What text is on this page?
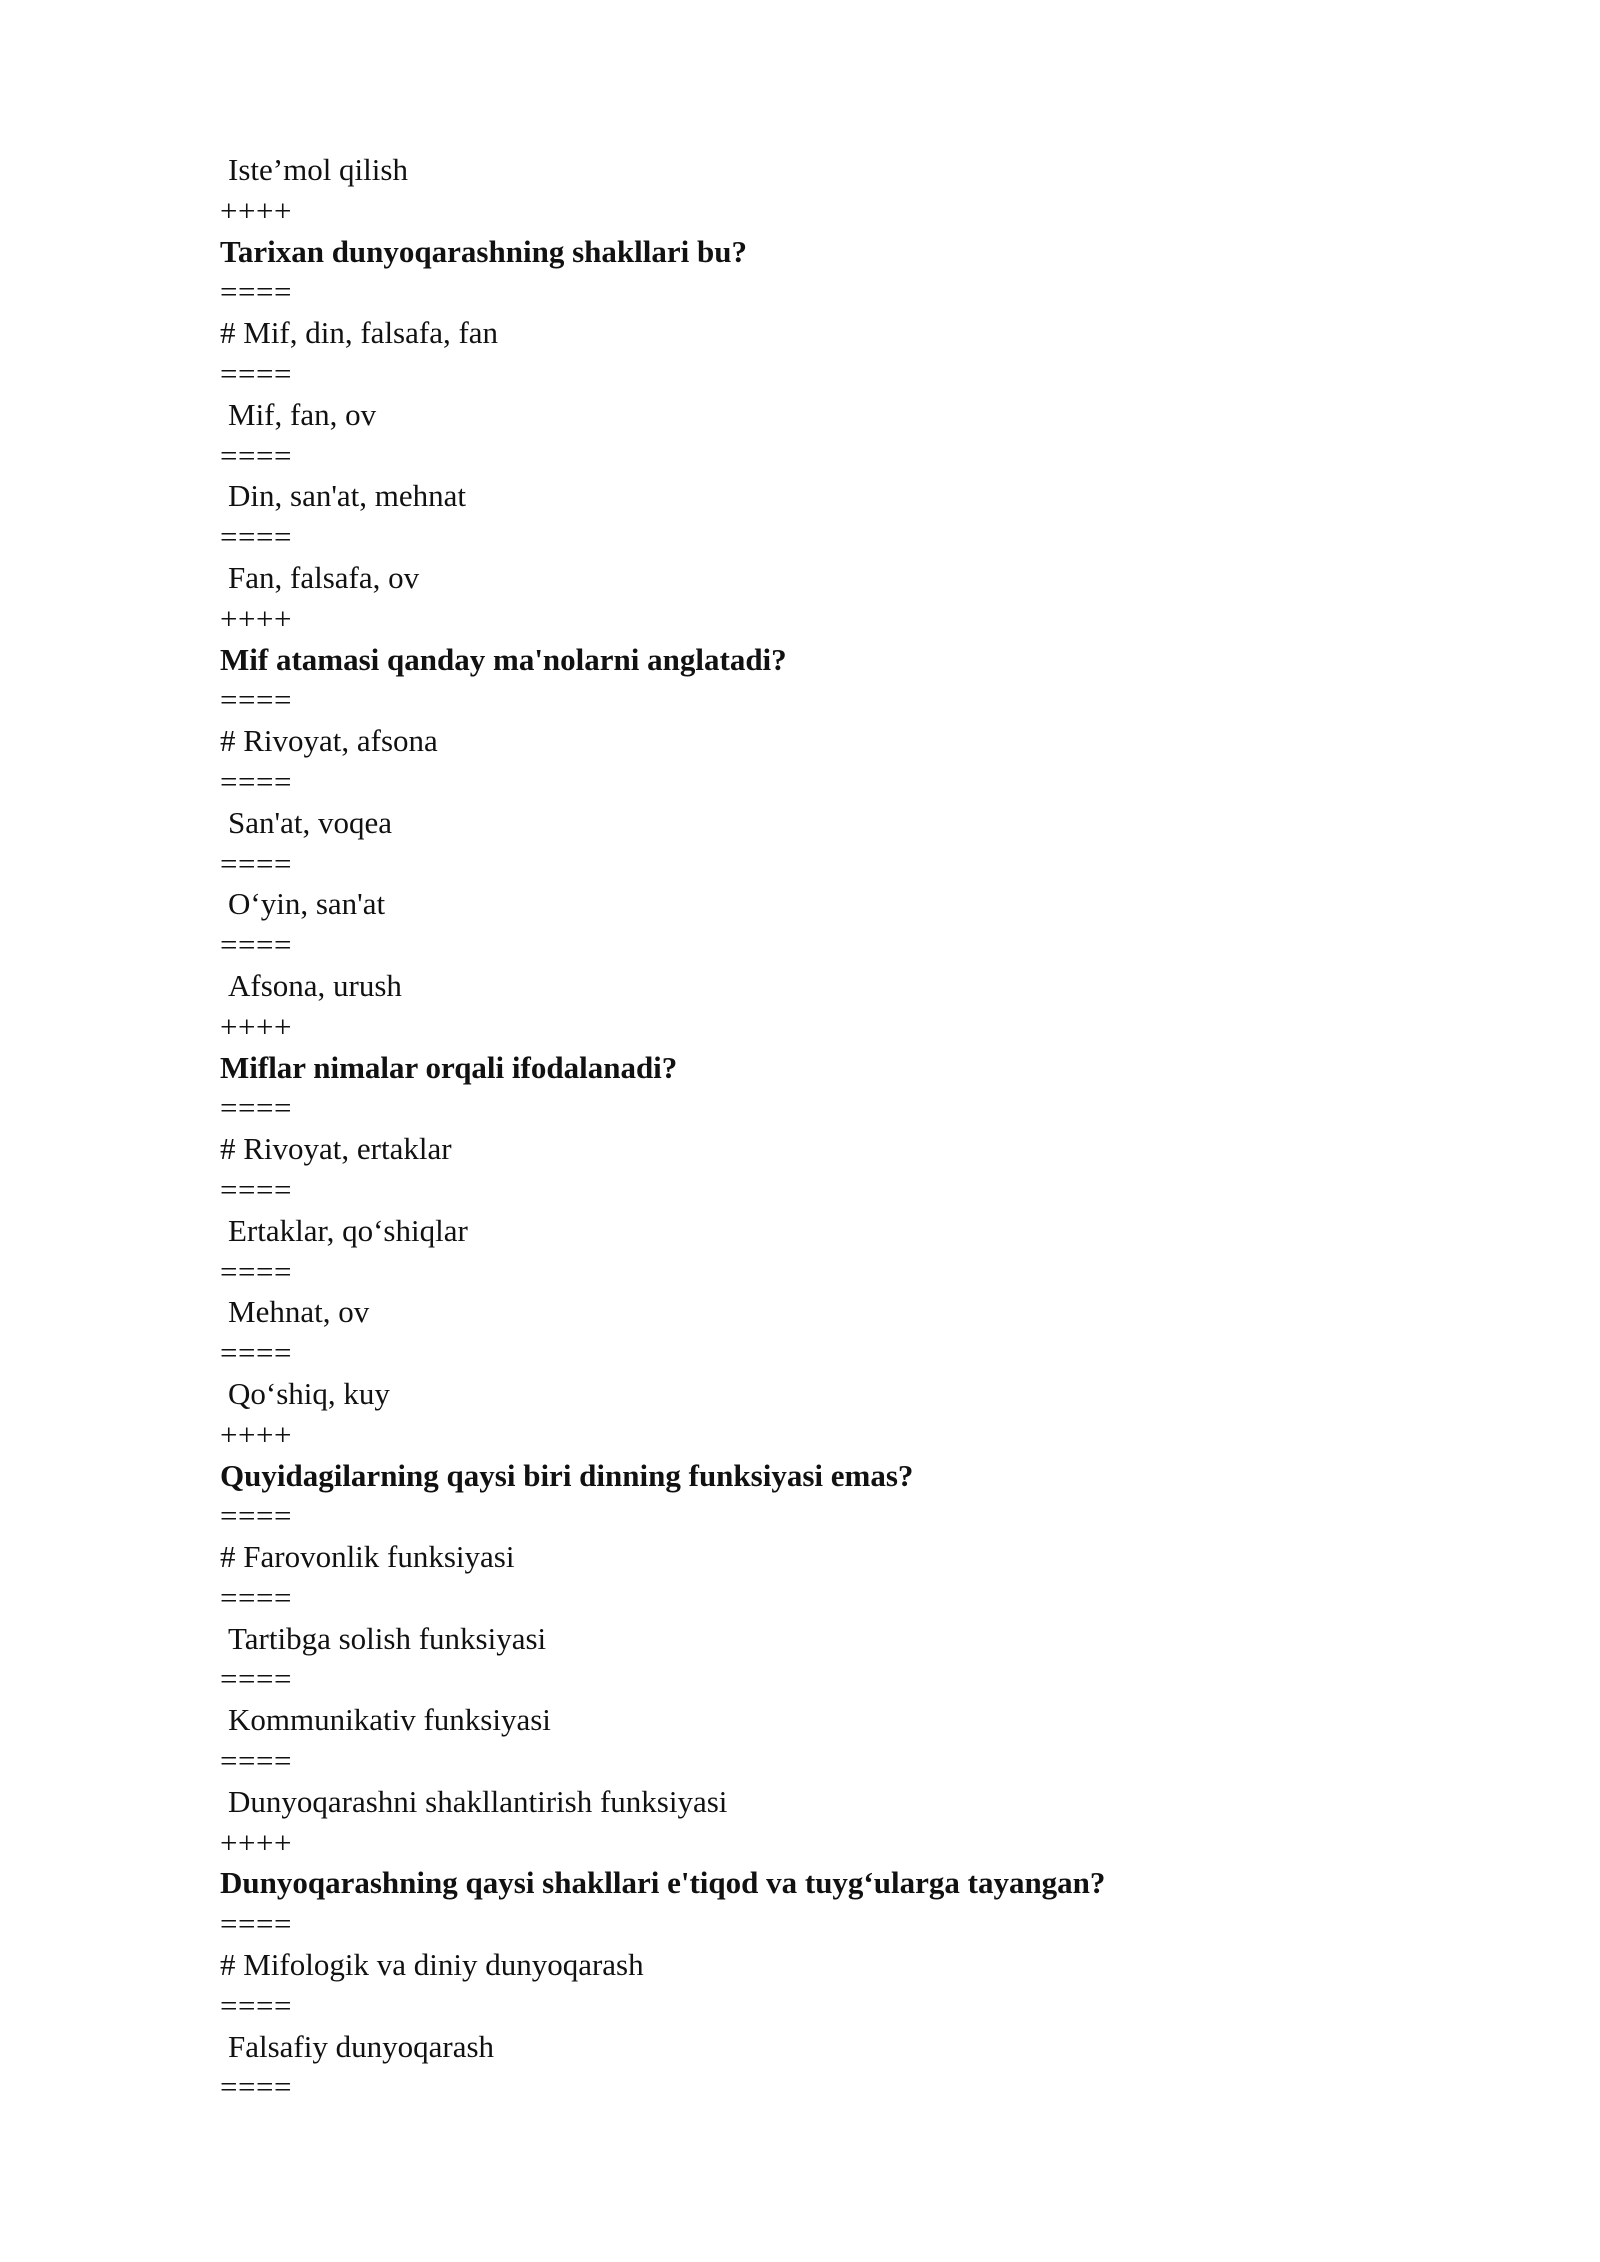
Iste’mol qilish
++++
Tarixan dunyoqarashning shakllari bu?
====
# Mif, din, falsafa, fan
====
Mif, fan, ov
====
Din, san'at, mehnat
====
Fan, falsafa, ov
++++
Mif atamasi qanday ma'nolarni anglatadi?
====
# Rivoyat, afsona
====
San'at, voqea
====
O‘yin, san'at
====
Afsona, urush
++++
Miflar nimalar orqali ifodalanadi?
====
# Rivoyat, ertaklar
====
Ertaklar, qo‘shiqlar
====
Mehnat, ov
====
Qo‘shiq, kuy
++++
Quyidagilarning qaysi biri dinning funksiyasi emas?
====
# Farovonlik funksiyasi
====
Tartibga solish funksiyasi
====
Kommunikativ funksiyasi
====
Dunyoqarashni shakllantirish funksiyasi
++++
Dunyoqarashning qaysi shakllari e'tiqod va tuyg‘ularga tayangan?
====
# Mifologik va diniy dunyoqarash
====
Falsafiy dunyoqarash
====
